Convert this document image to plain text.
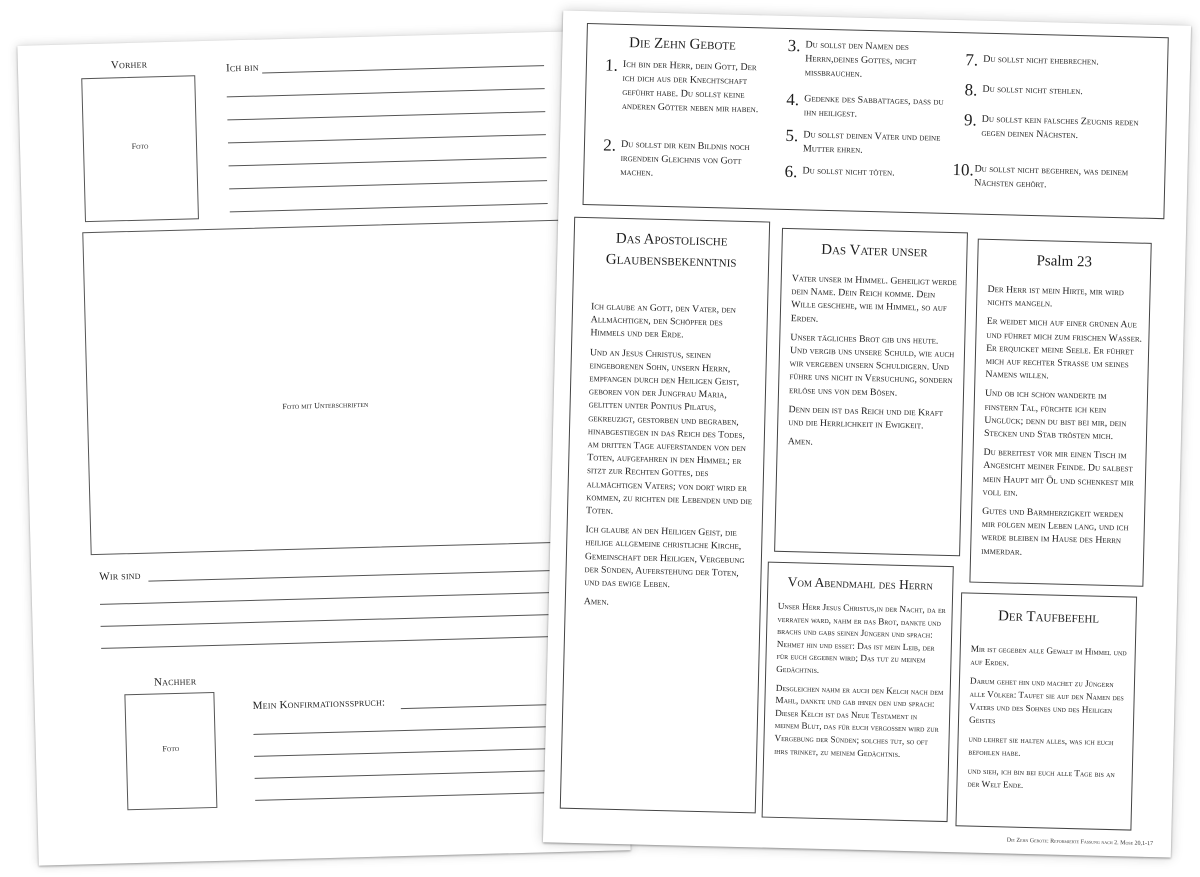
Vorher
Foto
Ich bin
Foto mit Unterschriften
Wir sind
Nachher
Foto
Mein Konfirmationsspruch:
Die Zehn Gebote
1. Ich bin der Herr, dein Gott, Der ich dich aus der Knechtschaft geführt habe. Du sollst keine anderen Götter neben mir haben.
2. Du sollst dir kein Bildnis noch irgendein Gleichnis von Gott machen.
3. Du sollst den Namen des Herrn,deines Gottes, nicht missbrauchen.
4. Gedenke des Sabbattages, dass du ihn heiligest.
5. Du sollst deinen Vater und deine Mutter ehren.
6. Du sollst nicht töten.
7. Du sollst nicht ehebrechen.
8. Du sollst nicht stehlen.
9. Du sollst kein falsches Zeugnis reden gegen deinen Nächsten.
10. Du sollst nicht begehren, was deinem Nächsten gehört.
Das Apostolische
Glaubensbekenntnis

Ich glaube an Gott, den Vater, den Allmächtigen, den Schöpfer des Himmels und der Erde.

Und an Jesus Christus, seinen eingeborenen Sohn, unsern Herrn, empfangen durch den Heiligen Geist, geboren von der Jungfrau Maria, gelitten unter Pontius Pilatus, gekreuzigt, gestorben und begraben, hinabgestiegen in das Reich des Todes, am dritten Tage auferstanden von den Toten, aufgefahren in den Himmel; er sitzt zur Rechten Gottes, des allmächtigen Vaters; von dort wird er kommen, zu richten die Lebenden und die Toten.

Ich glaube an den Heiligen Geist, die heilige allgemeine christliche Kirche, Gemeinschaft der Heiligen, Vergebung der Sünden, Auferstehung der Toten, und das ewige Leben.

Amen.

Das Vater unser

Vater unser im Himmel. Geheiligt werde dein Name. Dein Reich komme. Dein Wille geschehe, wie im Himmel, so auf Erden.

Unser tägliches Brot gib uns heute. Und vergib uns unsere Schuld, wie auch wir vergeben unsern Schuldigern. Und führe uns nicht in Versuchung, sondern erlöse uns von dem Bösen.

Denn dein ist das Reich und die Kraft und die Herrlichkeit in Ewigkeit.

Amen.

Psalm 23

Der Herr ist mein Hirte, mir wird nichts mangeln.

Er weidet mich auf einer grünen Aue und führet mich zum frischen Wasser. Er erquicket meine Seele. Er führet mich auf rechter Strasse um seines Namens willen.

Und ob ich schon wanderte im finstern Tal, fürchte ich kein Unglück; denn du bist bei mir, dein Stecken und Stab trösten mich.

Du bereitest vor mir einen Tisch im Angesicht meiner Feinde. Du salbest mein Haupt mit Öl und schenkest mir voll ein.

Gutes und Barmherzigkeit werden mir folgen mein Leben lang, und ich werde bleiben im Hause des Herrn immerdar.

Vom Abendmahl des Herrn

Unser Herr Jesus Christus,in der Nacht, da er verraten ward, nahm er das Brot, dankte und brachs und gabs seinen Jüngern und sprach: Nehmet hin und esset: Das ist mein Leib, der für euch gegeben wird; Das tut zu meinem Gedächtnis.

Desgleichen nahm er auch den Kelch nach dem Mahl, dankte und gab ihnen den und sprach: Dieser Kelch ist das Neue Testament in meinem Blut, das für euch vergossen wird zur Vergebung der Sünden; solches tut, so oft ihrs trinket, zu meinem Gedächtnis.

Der Taufbefehl

Mir ist gegeben alle Gewalt im Himmel und auf Erden.

Darum gehet hin und machet zu Jüngern alle Völker: Taufet sie auf den Namen des Vaters und des Sohnes und des Heiligen Geistes

und lehret sie halten alles, was ich euch befohlen habe.

und sieh, ich bin bei euch alle Tage bis an der Welt Ende.

Die Zehn Gebote: Reformierte Fassung nach 2. Mose 20,1-17
